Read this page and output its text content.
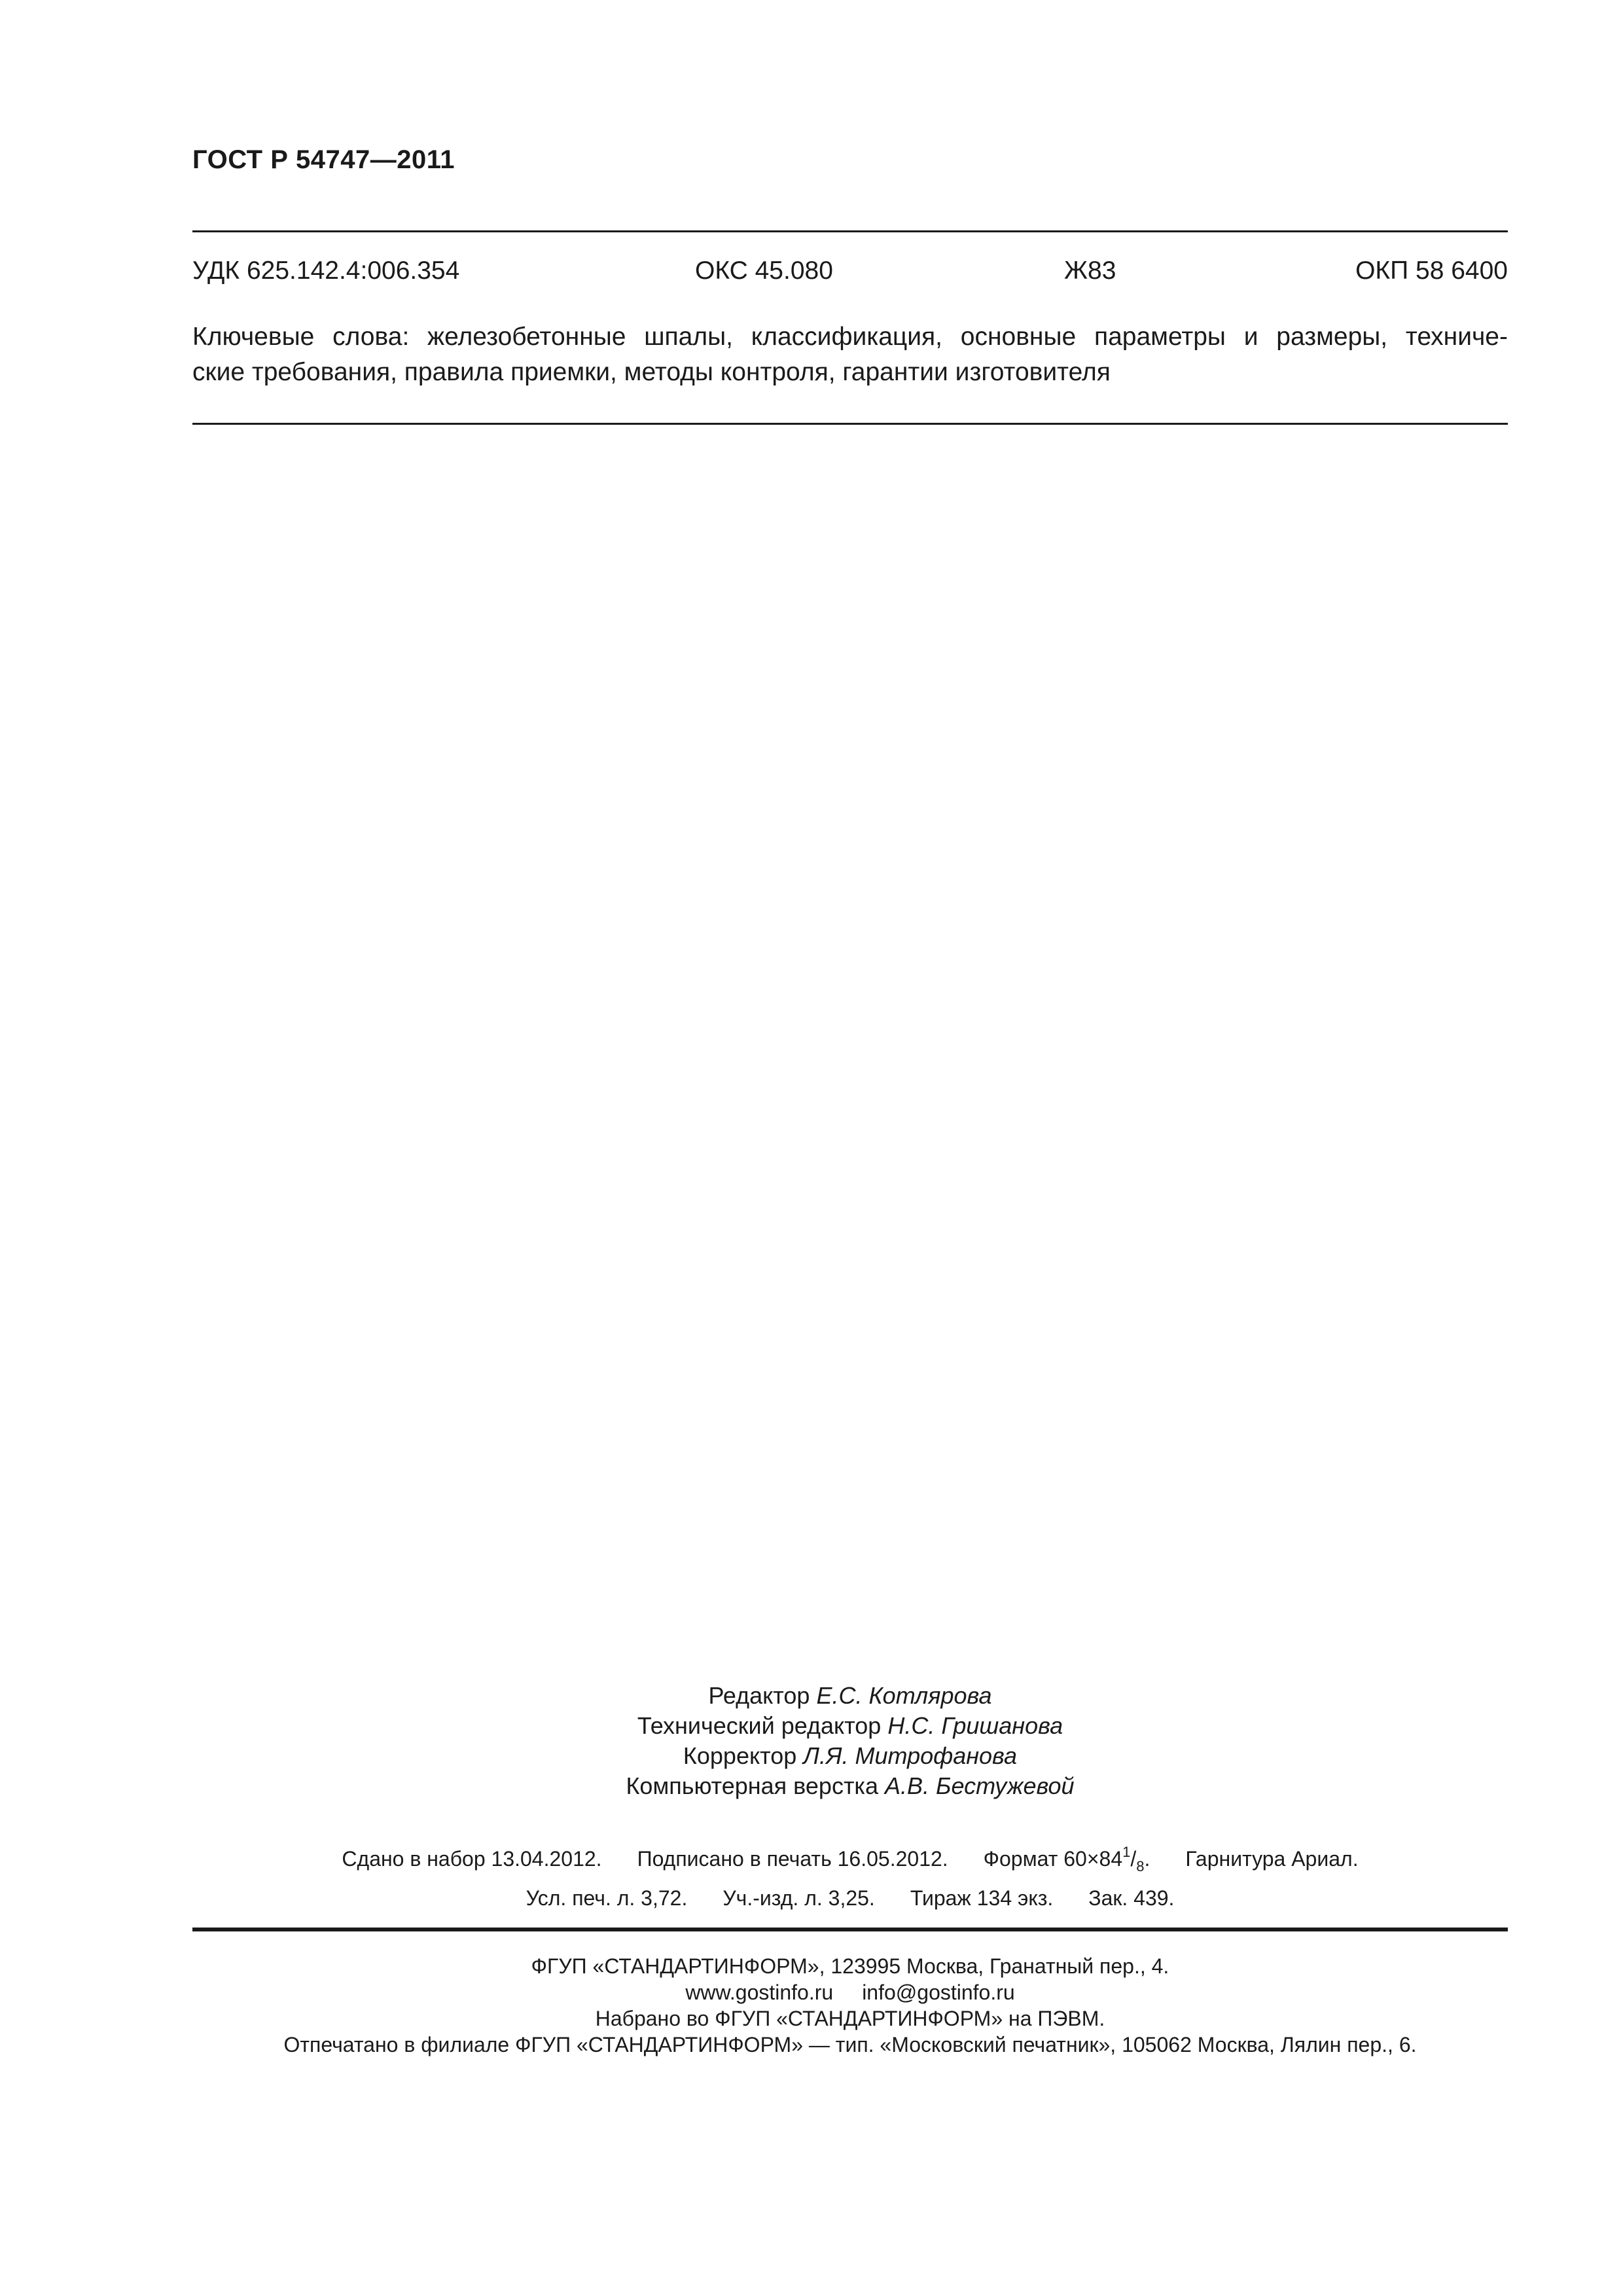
ГОСТ Р 54747—2011
УДК 625.142.4:006.354	ОКС 45.080	Ж83	ОКП 58 6400
Ключевые слова: железобетонные шпалы, классификация, основные параметры и размеры, техниче-
ские требования, правила приемки, методы контроля, гарантии изготовителя
Редактор Е.С. Котлярова
Технический редактор Н.С. Гришанова
Корректор Л.Я. Митрофанова
Компьютерная верстка А.В. Бестужевой
Сдано в набор 13.04.2012. Подписано в печать 16.05.2012. Формат $60\times 84^1/_8$. Гарнитура Ариал.
Усл. печ. л. 3,72. Уч.-изд. л. 3,25. Тираж 134 экз. Зак. 439.
ФГУП «СТАНДАРТИНФОРМ», 123995 Москва, Гранатный пер., 4.
www.gostinfo.ru info@gostinfo.ru
Набрано во ФГУП «СТАНДАРТИНФОРМ» на ПЭВМ.
Отпечатано в филиале ФГУП «СТАНДАРТИНФОРМ» — тип. «Московский печатник», 105062 Москва, Лялин пер., 6.
